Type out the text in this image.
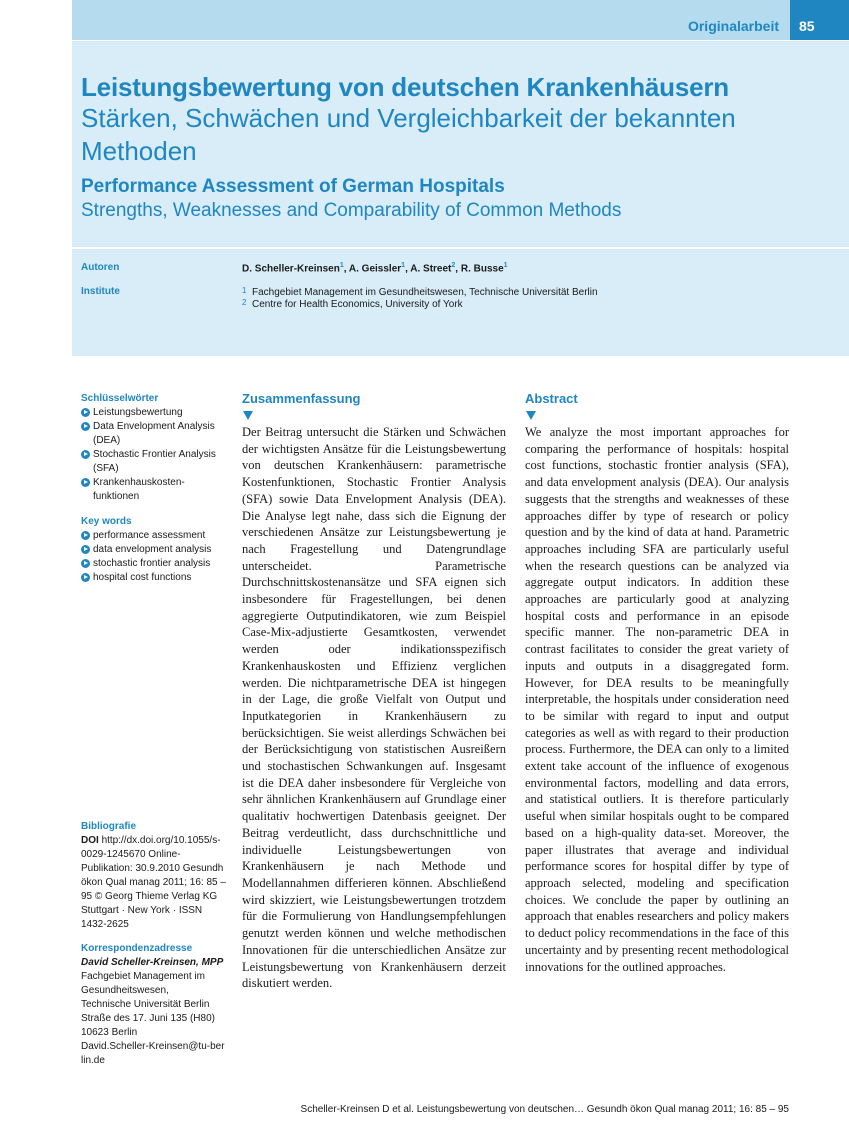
Originalarbeit	85
Leistungsbewertung von deutschen Krankenhäusern
Stärken, Schwächen und Vergleichbarkeit der bekannten Methoden
Performance Assessment of German Hospitals
Strengths, Weaknesses and Comparability of Common Methods
Autoren	D. Scheller-Kreinsen$^1$, A. Geissler$^1$, A. Street$^2$, R. Busse$^1$
Institute	1 Fachgebiet Management im Gesundheitswesen, Technische Universität Berlin
2 Centre for Health Economics, University of York
Schlüsselwörter
Leistungsbewertung
Data Envelopment Analysis (DEA)
Stochastic Frontier Analysis (SFA)
Krankenhauskosten-funktionen
Key words
performance assessment
data envelopment analysis
stochastic frontier analysis
hospital cost functions
Bibliografie
DOI http://dx.doi.org/10.1055/s-0029-1245670 Online-Publikation: 30.9.2010 Gesundh ökon Qual manag 2011; 16: 85 – 95 © Georg Thieme Verlag KG Stuttgart · New York · ISSN 1432-2625
Korrespondenzadresse
David Scheller-Kreinsen, MPP
Fachgebiet Management im Gesundheitswesen,
Technische Universität Berlin
Straße des 17. Juni 135 (H80)
10623 Berlin
David.Scheller-Kreinsen@tu-berlin.de
Zusammenfassung
Der Beitrag untersucht die Stärken und Schwächen der wichtigsten Ansätze für die Leistungsbewertung von deutschen Krankenhäusern: parametrische Kostenfunktionen, Stochastic Frontier Analysis (SFA) sowie Data Envelopment Analysis (DEA). Die Analyse legt nahe, dass sich die Eignung der verschiedenen Ansätze zur Leistungsbewertung je nach Fragestellung und Datengrundlage unterscheidet. Parametrische Durchschnittskostenansätze und SFA eignen sich insbesondere für Fragestellungen, bei denen aggregierte Outputindikatoren, wie zum Beispiel Case-Mix-adjustierte Gesamtkosten, verwendet werden oder indikationsspezifisch Krankenhauskosten und Effizienz verglichen werden. Die nichtparametrische DEA ist hingegen in der Lage, die große Vielfalt von Output und Inputkategorien in Krankenhäusern zu berücksichtigen. Sie weist allerdings Schwächen bei der Berücksichtigung von statistischen Ausreißern und stochastischen Schwankungen auf. Insgesamt ist die DEA daher insbesondere für Vergleiche von sehr ähnlichen Krankenhäusern auf Grundlage einer qualitativ hochwertigen Datenbasis geeignet. Der Beitrag verdeutlicht, dass durchschnittliche und individuelle Leistungsbewertungen von Krankenhäusern je nach Methode und Modellannahmen differieren können. Abschließend wird skizziert, wie Leistungsbewertungen trotzdem für die Formulierung von Handlungsempfehlungen genutzt werden können und welche methodischen Innovationen für die unterschiedlichen Ansätze zur Leistungsbewertung von Krankenhäusern derzeit diskutiert werden.
Abstract
We analyze the most important approaches for comparing the performance of hospitals: hospital cost functions, stochastic frontier analysis (SFA), and data envelopment analysis (DEA). Our analysis suggests that the strengths and weaknesses of these approaches differ by type of research or policy question and by the kind of data at hand. Parametric approaches including SFA are particularly useful when the research questions can be analyzed via aggregate output indicators. In addition these approaches are particularly good at analyzing hospital costs and performance in an episode specific manner. The non-parametric DEA in contrast facilitates to consider the great variety of inputs and outputs in a disaggregated form. However, for DEA results to be meaningfully interpretable, the hospitals under consideration need to be similar with regard to input and output categories as well as with regard to their production process. Furthermore, the DEA can only to a limited extent take account of the influence of exogenous environmental factors, modelling and data errors, and statistical outliers. It is therefore particularly useful when similar hospitals ought to be compared based on a high-quality data-set. Moreover, the paper illustrates that average and individual performance scores for hospital differ by type of approach selected, modeling and specification choices. We conclude the paper by outlining an approach that enables researchers and policy makers to deduct policy recommendations in the face of this uncertainty and by presenting recent methodological innovations for the outlined approaches.
Scheller-Kreinsen D et al. Leistungsbewertung von deutschen… Gesundh ökon Qual manag 2011; 16: 85 – 95
